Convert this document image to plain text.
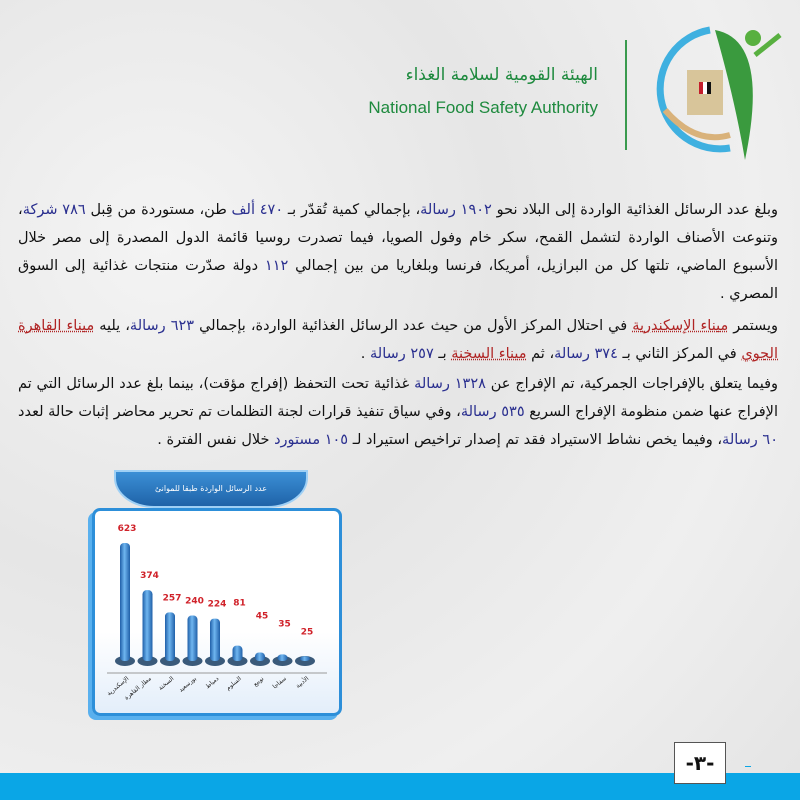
الهيئة القومية لسلامة الغذاء
National Food Safety Authority
وبلغ عدد الرسائل الغذائية الواردة إلى البلاد نحو ١٩٠٢ رسالة، بإجمالي كمية تُقدّر بـ ٤٧٠ ألف طن، مستوردة من قِبل ٧٨٦ شركة، وتنوعت الأصناف الواردة لتشمل القمح، سكر خام وفول الصويا، فيما تصدرت روسيا قائمة الدول المصدرة إلى مصر خلال الأسبوع الماضي، تلتها كل من البرازيل، أمريكا، فرنسا وبلغاريا من بين إجمالي ١١٢ دولة صدّرت منتجات غذائية إلى السوق المصري .
ويستمر ميناء الإسكندرية في احتلال المركز الأول من حيث عدد الرسائل الغذائية الواردة، بإجمالي ٦٢٣ رسالة، يليه ميناء القاهرة الجوي في المركز الثاني بـ ٣٧٤ رسالة، ثم ميناء السخنة بـ ٢٥٧ رسالة .
وفيما يتعلق بالإفراجات الجمركية، تم الإفراج عن ١٣٢٨ رسالة غذائية تحت التحفظ (إفراج مؤقت)، بينما بلغ عدد الرسائل التي تم الإفراج عنها ضمن منظومة الإفراج السريع ٥٣٥ رسالة، وفي سياق تنفيذ قرارات لجنة التظلمات تم تحرير محاضر إثبات حالة لعدد ٦٠ رسالة، وفيما يخص نشاط الاستيراد فقد تم إصدار تراخيص استيراد لـ ١٠٥ مستورد خلال نفس الفترة .
623
الإسكندرية
374
مطار القاهرة
257
السخنة
240
بورسعيد
224
دمياط
81
السلوم
45
نويبع
35
سفاجا
25
الأدبية
عدد الرسائل الواردة طبقا للموانئ
-٣-
